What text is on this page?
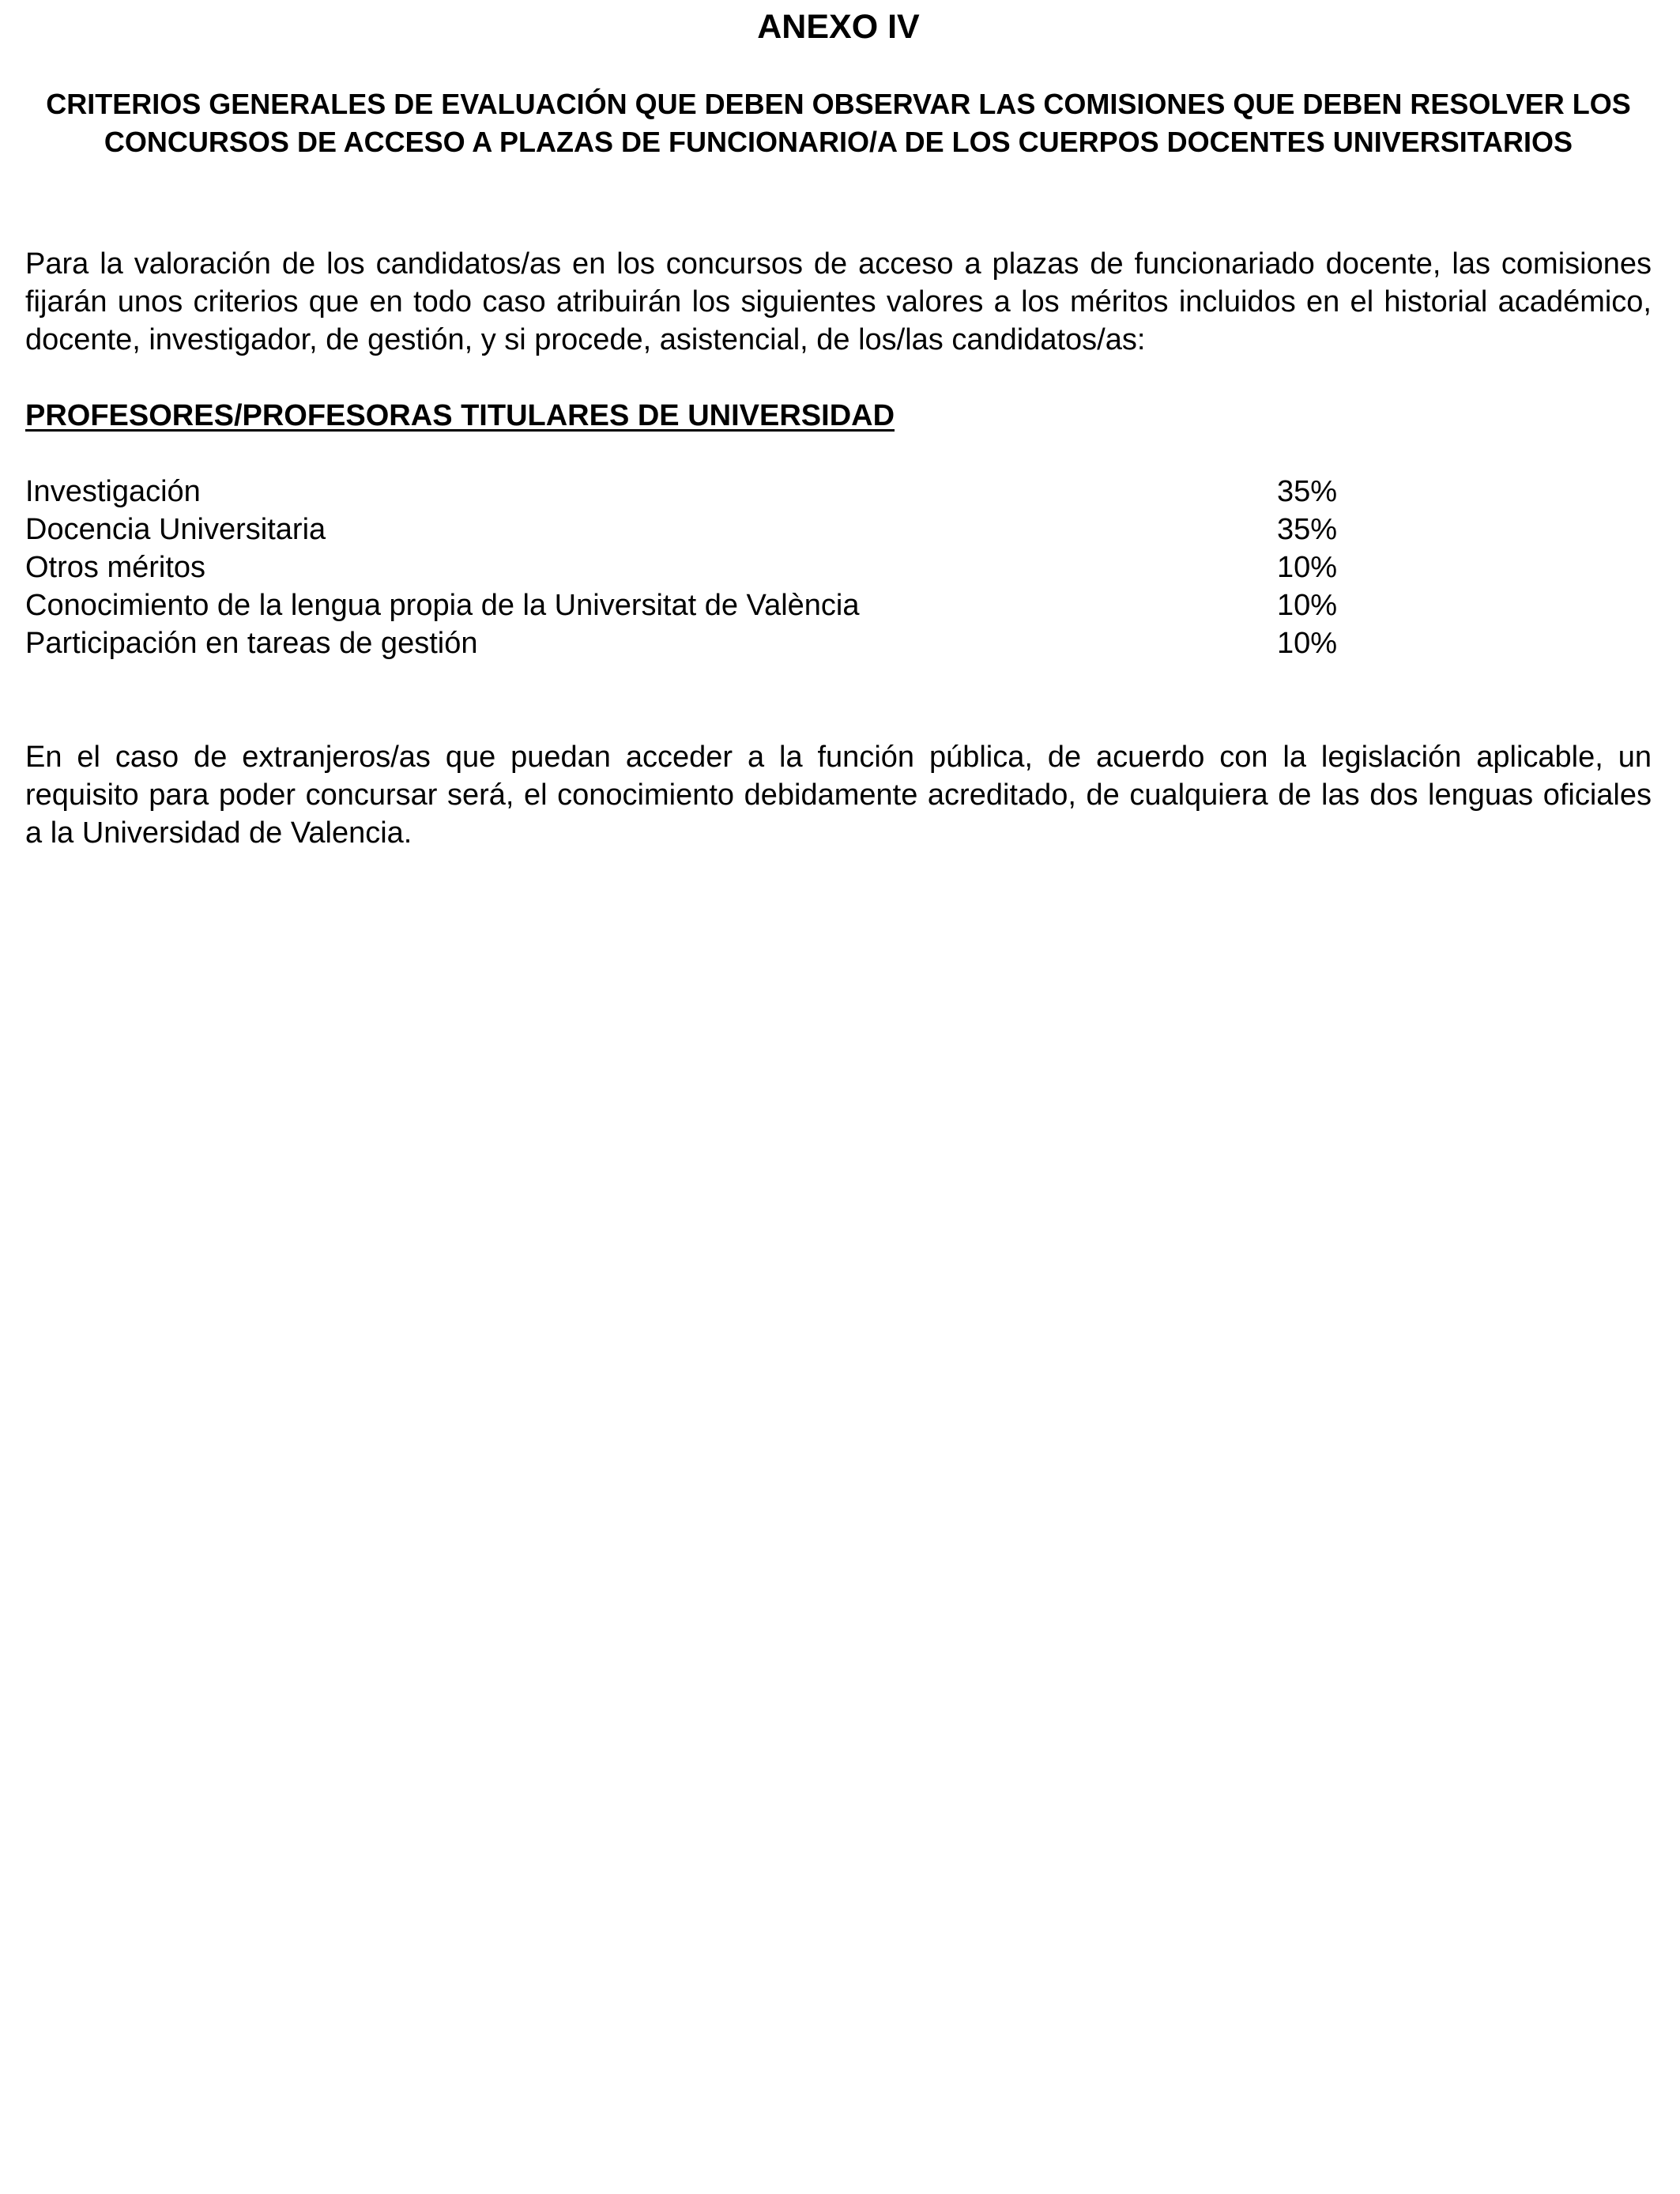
ANEXO IV
CRITERIOS GENERALES DE EVALUACIÓN QUE DEBEN OBSERVAR LAS COMISIONES QUE DEBEN RESOLVER LOS CONCURSOS DE ACCESO A PLAZAS DE FUNCIONARIO/A DE LOS CUERPOS DOCENTES UNIVERSITARIOS

Para la valoración de los candidatos/as en los concursos de acceso a plazas de funcionariado docente, las comisiones fijarán unos criterios que en todo caso atribuirán los siguientes valores a los méritos incluidos en el historial académico, docente, investigador, de gestión, y si procede, asistencial, de los/las candidatos/as:

PROFESORES/PROFESORAS TITULARES DE UNIVERSIDAD
Investigación	35%
Docencia Universitaria	35%
Otros méritos	10%
Conocimiento de la lengua propia de la Universitat de València	10%
Participación en tareas de gestión	10%

En el caso de extranjeros/as que puedan acceder a la función pública, de acuerdo con la legislación aplicable, un requisito para poder concursar será, el conocimiento debidamente acreditado, de cualquiera de las dos lenguas oficiales a la Universidad de Valencia.
